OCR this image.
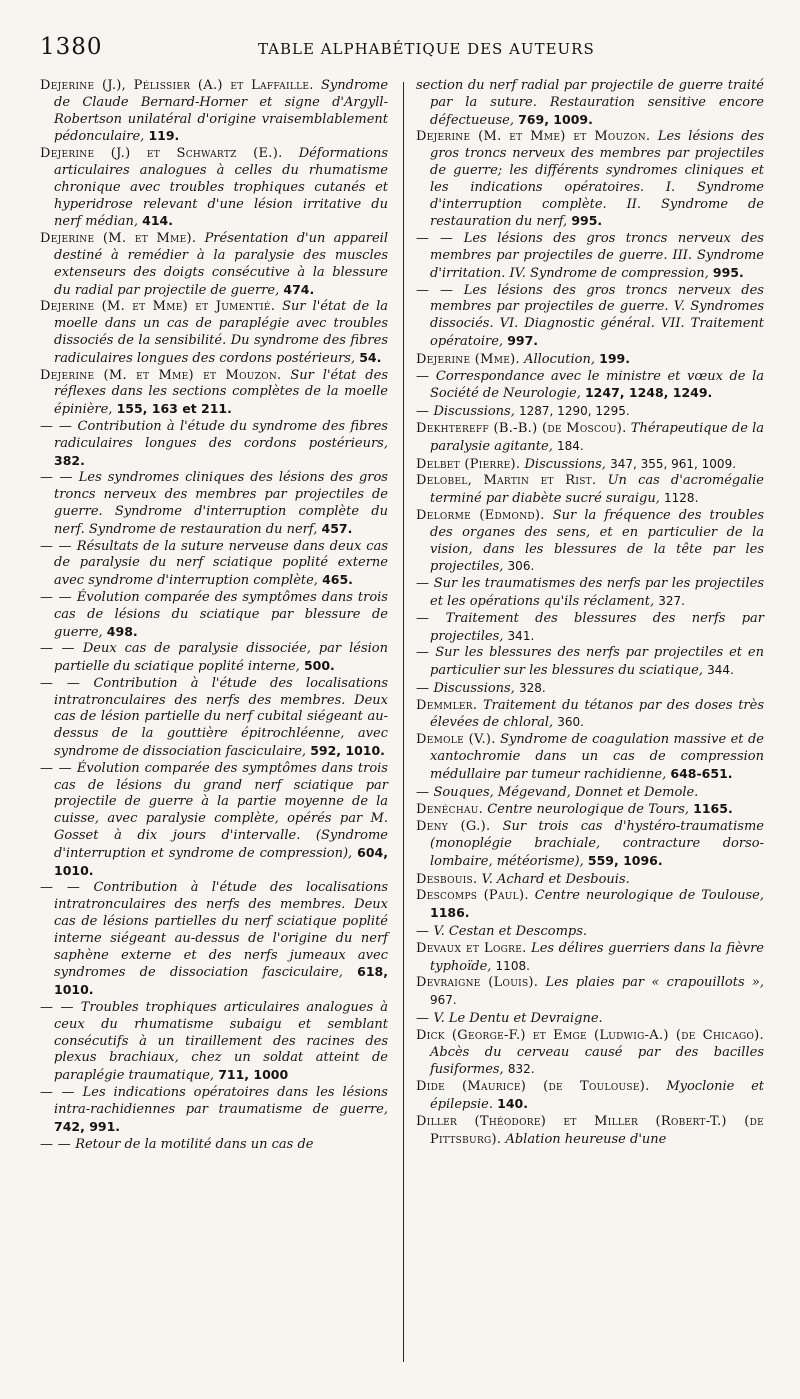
1380	TABLE ALPHABÉTIQUE DES AUTEURS

Dejerine (J.), Pélissier (A.) et Laffaille. Syndrome de Claude Bernard-Horner et signe d'Argyll-Robertson unilatéral d'origine vraisemblablement pédonculaire, 119.

Dejerine (J.) et Schwartz (E.). Déformations articulaires analogues à celles du rhumatisme chronique avec troubles trophiques cutanés et hyperidrose relevant d'une lésion irritative du nerf médian, 414.

Dejerine (M. et Mme). Présentation d'un appareil destiné à remédier à la paralysie des muscles extenseurs des doigts consécutive à la blessure du radial par projectile de guerre, 474.

Dejerine (M. et Mme) et Jumentié. Sur l'état de la moelle dans un cas de paraplégie avec troubles dissociés de la sensibilité. Du syndrome des fibres radiculaires longues des cordons postérieurs, 54.

Dejerine (M. et Mme) et Mouzon. Sur l'état des réflexes dans les sections complètes de la moelle épinière, 155, 163 et 211.

— — Contribution à l'étude du syndrome des fibres radiculaires longues des cordons postérieurs, 382.

— — Les syndromes cliniques des lésions des gros troncs nerveux des membres par projectiles de guerre. Syndrome d'interruption complète du nerf. Syndrome de restauration du nerf, 457.

— — Résultats de la suture nerveuse dans deux cas de paralysie du nerf sciatique poplité externe avec syndrome d'interruption complète, 465.

— — Évolution comparée des symptômes dans trois cas de lésions du sciatique par blessure de guerre, 498.

— — Deux cas de paralysie dissociée, par lésion partielle du sciatique poplité interne, 500.

— — Contribution à l'étude des localisations intratronculaires des nerfs des membres. Deux cas de lésion partielle du nerf cubital siégeant au-dessus de la gouttière épitrochléenne, avec syndrome de dissociation fasciculaire, 592, 1010.

— — Évolution comparée des symptômes dans trois cas de lésions du grand nerf sciatique par projectile de guerre à la partie moyenne de la cuisse, avec paralysie complète, opérés par M. Gosset à dix jours d'intervalle. (Syndrome d'interruption et syndrome de compression), 604, 1010.

— — Contribution à l'étude des localisations intratronculaires des nerfs des membres. Deux cas de lésions partielles du nerf sciatique poplité interne siégeant au-dessus de l'origine du nerf saphène externe et des nerfs jumeaux avec syndromes de dissociation fasciculaire, 618, 1010.

— — Troubles trophiques articulaires analogues à ceux du rhumatisme subaigu et semblant consécutifs à un tiraillement des racines des plexus brachiaux, chez un soldat atteint de paraplégie traumatique, 711, 1000

— — Les indications opératoires dans les lésions intra-rachidiennes par traumatisme de guerre, 742, 991.

— — Retour de la motilité dans un cas de

section du nerf radial par projectile de guerre traité par la suture. Restauration sensitive encore défectueuse, 769, 1009.

Dejerine (M. et Mme) et Mouzon. Les lésions des gros troncs nerveux des membres par projectiles de guerre; les différents syndromes cliniques et les indications opératoires. I. Syndrome d'interruption complète. II. Syndrome de restauration du nerf, 995.

— — Les lésions des gros troncs nerveux des membres par projectiles de guerre. III. Syndrome d'irritation. IV. Syndrome de compression, 995.

— — Les lésions des gros troncs nerveux des membres par projectiles de guerre. V. Syndromes dissociés. VI. Diagnostic général. VII. Traitement opératoire, 997.

Dejerine (Mme). Allocution, 199.

— Correspondance avec le ministre et vœux de la Société de Neurologie, 1247, 1248, 1249.

— Discussions, 1287, 1290, 1295.

Dekhtereff (B.-B.) (de Moscou). Thérapeutique de la paralysie agitante, 184.

Delbet (Pierre). Discussions, 347, 355, 961, 1009.

Delobel, Martin et Rist. Un cas d'acromégalie terminé par diabète sucré suraigu, 1128.

Delorme (Edmond). Sur la fréquence des troubles des organes des sens, et en particulier de la vision, dans les blessures de la tête par les projectiles, 306.

— Sur les traumatismes des nerfs par les projectiles et les opérations qu'ils réclament, 327.

— Traitement des blessures des nerfs par projectiles, 341.

— Sur les blessures des nerfs par projectiles et en particulier sur les blessures du sciatique, 344.

— Discussions, 328.

Demmler. Traitement du tétanos par des doses très élevées de chloral, 360.

Demole (V.). Syndrome de coagulation massive et de xantochromie dans un cas de compression médullaire par tumeur rachidienne, 648-651.

— Souques, Mégevand, Donnet et Demole.

Denéchau. Centre neurologique de Tours, 1165.

Deny (G.). Sur trois cas d'hystéro-traumatisme (monoplégie brachiale, contracture dorso-lombaire, météorisme), 559, 1096.

Desbouis. V. Achard et Desbouis.

Descomps (Paul). Centre neurologique de Toulouse, 1186.

— V. Cestan et Descomps.

Devaux et Logre. Les délires guerriers dans la fièvre typhoïde, 1108.

Devraigne (Louis). Les plaies par « crapouillots », 967.

— V. Le Dentu et Devraigne.

Dick (George-F.) et Emge (Ludwig-A.) (de Chicago). Abcès du cerveau causé par des bacilles fusiformes, 832.

Dide (Maurice) (de Toulouse). Myoclonie et épilepsie. 140.

Diller (Théodore) et Miller (Robert-T.) (de Pittsburg). Ablation heureuse d'une
